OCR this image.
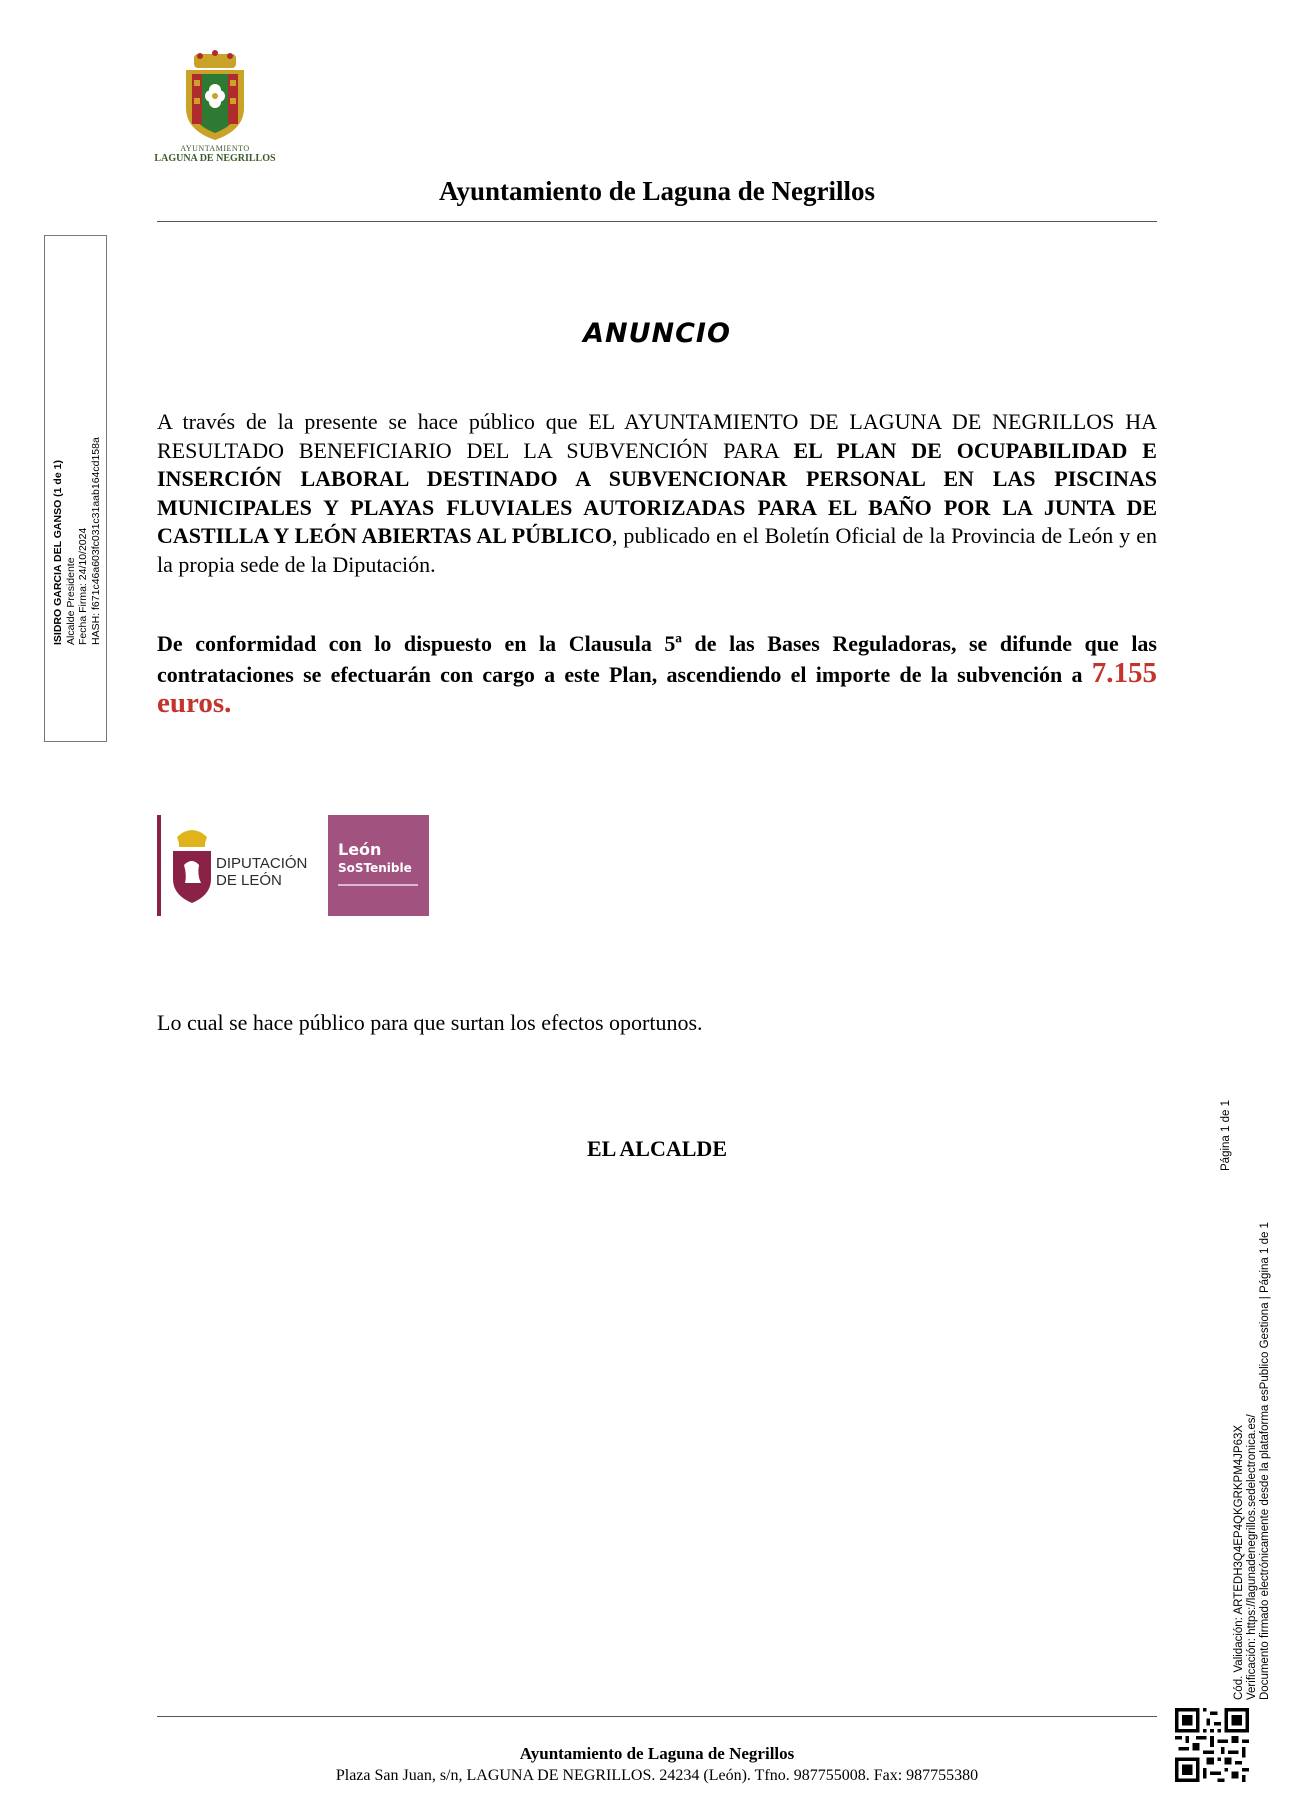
AYUNTAMIENTO
LAGUNA DE NEGRILLOS
Ayuntamiento de Laguna de Negrillos
ISIDRO GARCIA DEL GANSO (1 de 1) Alcalde Presidente Fecha Firma: 24/10/2024 HASH: f671c46a603fc031c31aab164cd158a
ANUNCIO
A través de la presente se hace público que EL AYUNTAMIENTO DE LAGUNA DE NEGRILLOS HA RESULTADO BENEFICIARIO DEL LA SUBVENCIÓN PARA EL PLAN DE OCUPABILIDAD E INSERCIÓN LABORAL DESTINADO A SUBVENCIONAR PERSONAL EN LAS PISCINAS MUNICIPALES Y PLAYAS FLUVIALES AUTORIZADAS PARA EL BAÑO POR LA JUNTA DE CASTILLA Y LEÓN ABIERTAS AL PÚBLICO, publicado en el Boletín Oficial de la Provincia de León y en la propia sede de la Diputación.
De conformidad con lo dispuesto en la Clausula 5ª de las Bases Reguladoras, se difunde que las contrataciones se efectuarán con cargo a este Plan, ascendiendo el importe de la subvención a 7.155 euros.
DIPUTACIÓN
DE LEÓN
León
SoSTenible
Lo cual se hace público para que surtan los efectos oportunos.
EL ALCALDE	Página 1 de 1
Cód. Validación: ARTEDH3Q4EP4QKGRKPM4JP63X Verificación: https://lagunadenegrillos.sedelectronica.es/ Documento firmado electrónicamente desde la plataforma esPublico Gestiona | Página 1 de 1
Ayuntamiento de Laguna de Negrillos
Plaza San Juan, s/n, LAGUNA DE NEGRILLOS. 24234 (León). Tfno. 987755008. Fax: 987755380
